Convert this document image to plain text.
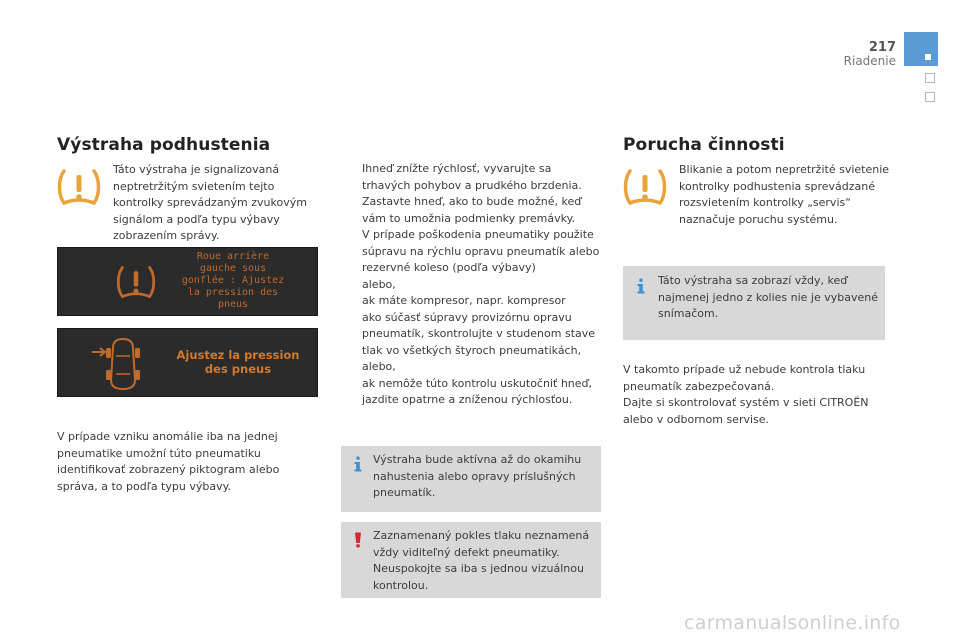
217
Riadenie
Výstraha podhustenia
Táto výstraha je signalizovaná
neptretržitým svietením tejto
kontrolky sprevádzaným zvukovým
signálom a podľa typu výbavy
zobrazením správy.
Roue arrière
gauche sous
gonflée : Ajustez
la pression des
pneus
Ajustez la pression
des pneus
V prípade vzniku anomálie iba na jednej
pneumatike umožní túto pneumatiku
identifikovať zobrazený piktogram alebo
správa, a to podľa typu výbavy.
Ihneď znížte rýchlosť, vyvarujte sa
trhavých pohybov a prudkého brzdenia.
Zastavte hneď, ako to bude možné, keď
vám to umožnia podmienky premávky.
V prípade poškodenia pneumatiky použite
súpravu na rýchlu opravu pneumatík alebo
rezervné koleso (podľa výbavy)
alebo,
ak máte kompresor, napr. kompresor
ako súčasť súpravy provizórnu opravu
pneumatík, skontrolujte v studenom stave
tlak vo všetkých štyroch pneumatikách,
alebo,
ak nemôže túto kontrolu uskutočniť hneď,
jazdite opatrne a zníženou rýchlosťou.
Výstraha bude aktívna až do okamihu
nahustenia alebo opravy príslušných
pneumatík.
Zaznamenaný pokles tlaku neznamená
vždy viditeľný defekt pneumatiky.
Neuspokojte sa iba s jednou vizuálnou
kontrolou.
Porucha činnosti
Blikanie a potom nepretržité svietenie
kontrolky podhustenia sprevádzané
rozsvietením kontrolky „servis“
naznačuje poruchu systému.
Táto výstraha sa zobrazí vždy, keď
najmenej jedno z kolies nie je vybavené
snímačom.
V takomto prípade už nebude kontrola tlaku
pneumatík zabezpečovaná.
Dajte si skontrolovať systém v sieti CITROËN
alebo v odbornom servise.
carmanualsonline.info
